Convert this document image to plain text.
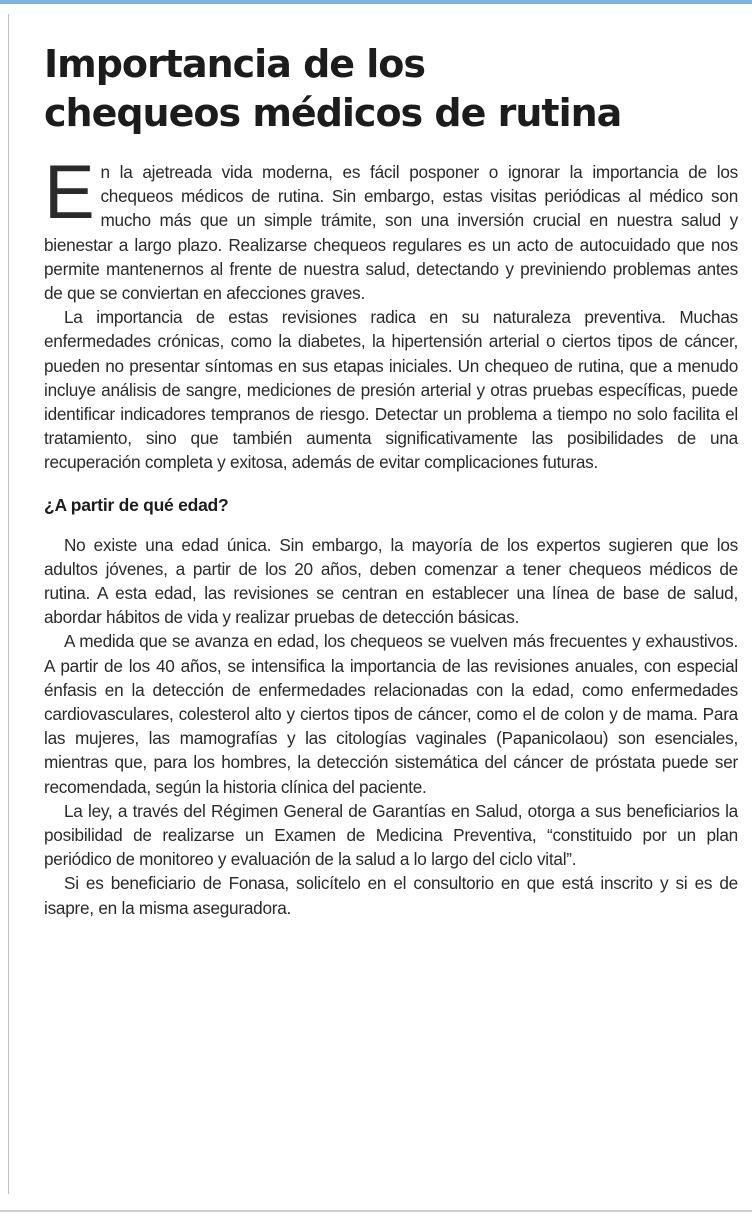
Importancia de los
chequeos médicos de rutina

En la ajetreada vida moderna, es fácil posponer o ignorar la importancia de los chequeos médicos de rutina. Sin embargo, estas visitas periódicas al médico son mucho más que un simple trámite, son una inversión crucial en nuestra salud y bienestar a largo plazo. Realizarse chequeos regulares es un acto de autocuidado que nos permite mantenernos al frente de nuestra salud, detectando y previniendo problemas antes de que se conviertan en afecciones graves.

La importancia de estas revisiones radica en su naturaleza preventiva. Muchas enfermedades crónicas, como la diabetes, la hipertensión arterial o ciertos tipos de cáncer, pueden no presentar síntomas en sus etapas iniciales. Un chequeo de rutina, que a menudo incluye análisis de sangre, mediciones de presión arterial y otras pruebas específicas, puede identificar indicadores tempranos de riesgo. Detectar un problema a tiempo no solo facilita el tratamiento, sino que también aumenta significativamente las posibilidades de una recuperación completa y exitosa, además de evitar complicaciones futuras.

¿A partir de qué edad?

No existe una edad única. Sin embargo, la mayoría de los expertos sugieren que los adultos jóvenes, a partir de los 20 años, deben comenzar a tener chequeos médicos de rutina. A esta edad, las revisiones se centran en establecer una línea de base de salud, abordar hábitos de vida y realizar pruebas de detección básicas.

A medida que se avanza en edad, los chequeos se vuelven más frecuentes y exhaustivos. A partir de los 40 años, se intensifica la importancia de las revisiones anuales, con especial énfasis en la detección de enfermedades relacionadas con la edad, como enfermedades cardiovasculares, colesterol alto y ciertos tipos de cáncer, como el de colon y de mama. Para las mujeres, las mamografías y las citologías vaginales (Papanicolaou) son esenciales, mientras que, para los hombres, la detección sistemática del cáncer de próstata puede ser recomendada, según la historia clínica del paciente.

La ley, a través del Régimen General de Garantías en Salud, otorga a sus beneficiarios la posibilidad de realizarse un Examen de Medicina Preventiva, “constituido por un plan periódico de monitoreo y evaluación de la salud a lo largo del ciclo vital”.

Si es beneficiario de Fonasa, solicítelo en el consultorio en que está inscrito y si es de isapre, en la misma aseguradora.
